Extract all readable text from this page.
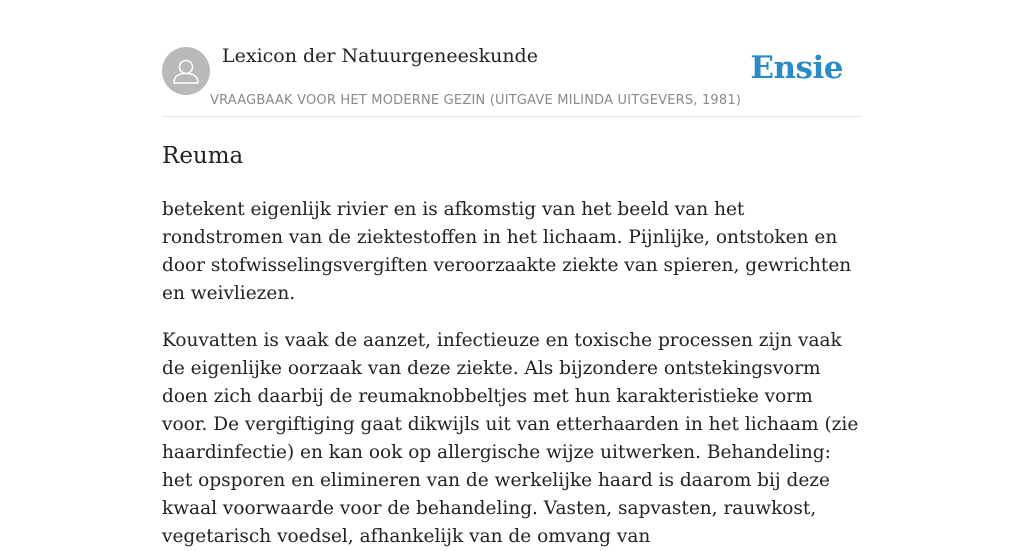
Lexicon der Natuurgeneeskunde
VRAAGBAAK VOOR HET MODERNE GEZIN (UITGAVE MILINDA UITGEVERS, 1981)
Ensie
Reuma

betekent eigenlijk rivier en is afkomstig van het beeld van het rondstromen van de ziektestoffen in het lichaam. Pijnlijke, ontstoken en door stofwisselingsvergiften veroorzaakte ziekte van spieren, gewrichten en weivliezen.

Kouvatten is vaak de aanzet, infectieuze en toxische processen zijn vaak de eigenlijke oorzaak van deze ziekte. Als bijzondere ontstekingsvorm doen zich daarbij de reumaknobbeltjes met hun karakteristieke vorm voor. De vergiftiging gaat dikwijls uit van etterhaarden in het lichaam (zie haardinfectie) en kan ook op allergische wijze uitwerken. Behandeling: het opsporen en elimineren van de werkelijke haard is daarom bij deze kwaal voorwaarde voor de behandeling. Vasten, sapvasten, rauwkost, vegetarisch voedsel, afhankelijk van de omvang van
